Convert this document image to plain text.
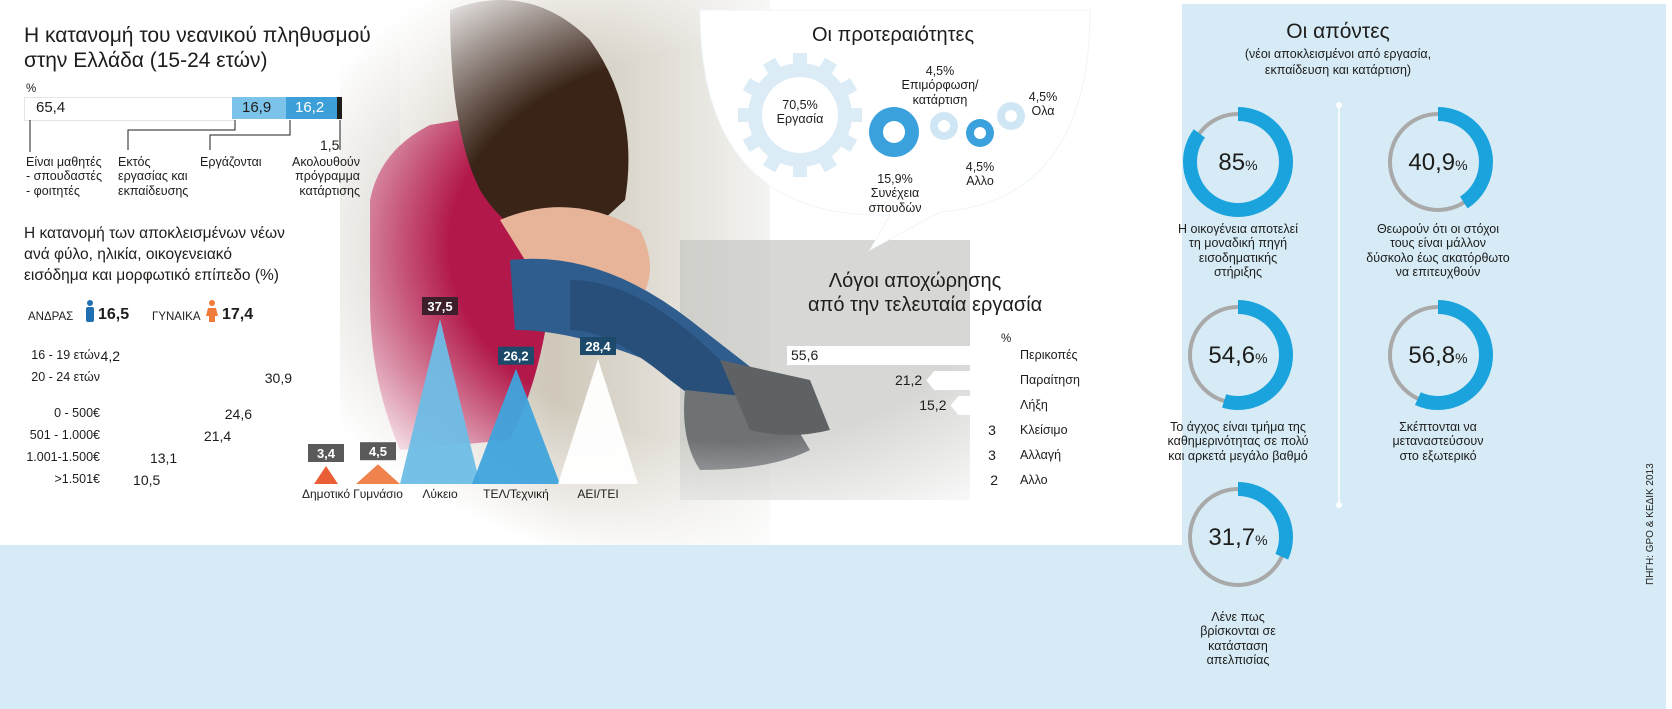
Η κατανομή του νεανικού πληθυσμού
στην Ελλάδα (15-24 ετών)
%
65,4	16,9 16,2
1,5
Είναι μαθητές
- σπουδαστές
- φοιτητές
Εκτός
εργασίας και
εκπαίδευσης
Εργάζονται	Ακολουθούν
πρόγραμμα
κατάρτισης
Η κατανομή των αποκλεισμένων νέων
ανά φύλο, ηλικία, οικογενειακό
εισόδημα και μορφωτικό επίπεδο (%)
ΑΝΔΡΑΣ 16,5 ΓΥΝΑΙΚΑ 17,4
16 - 19 ετών 4,2
20 - 24 ετών	30,9
0 - 500€	24,6
501 - 1.000€	21,4
1.001-1.500€	13,1
>1.501€ 10,5
3,4
Δημοτικό
4,5
Γυμνάσιο
37,5
Λύκειο
26,2
ΤΕΛ/Τεχνική
28,4
ΑΕΙ/ΤΕΙ
Οι προτεραιότητες
70,5%
Εργασία
15,9%
Συνέχεια
σπουδών
4,5%
Επιμόρφωση/
κατάρτιση
4,5%
Αλλο
4,5%
Ολα
Λόγοι αποχώρησης
από την τελευταία εργασία
%
55,6	Περικοπές
21,2	Παραίτηση
15,2	Λήξη
3 Κλείσιμο
3 Αλλαγή
2 Αλλο
Οι απόντες
(νέοι αποκλεισμένοι από εργασία,
εκπαίδευση και κατάρτιση)
85%
Η οικογένεια αποτελεί
τη μοναδική πηγή
εισοδηματικής
στήριξης
40,9%
Θεωρούν ότι οι στόχοι
τους είναι μάλλον
δύσκολο έως ακατόρθωτο
να επιτευχθούν
54,6%
Το άγχος είναι τμήμα της
καθημερινότητας σε πολύ
και αρκετά μεγάλο βαθμό
56,8%
Σκέπτονται να
μεταναστεύσουν
στο εξωτερικό
31,7%
Λένε πως
βρίσκονται σε
κατάσταση
απελπισίας
ΠΗΓΗ: GPO & ΚΕΔΙΚ 2013
